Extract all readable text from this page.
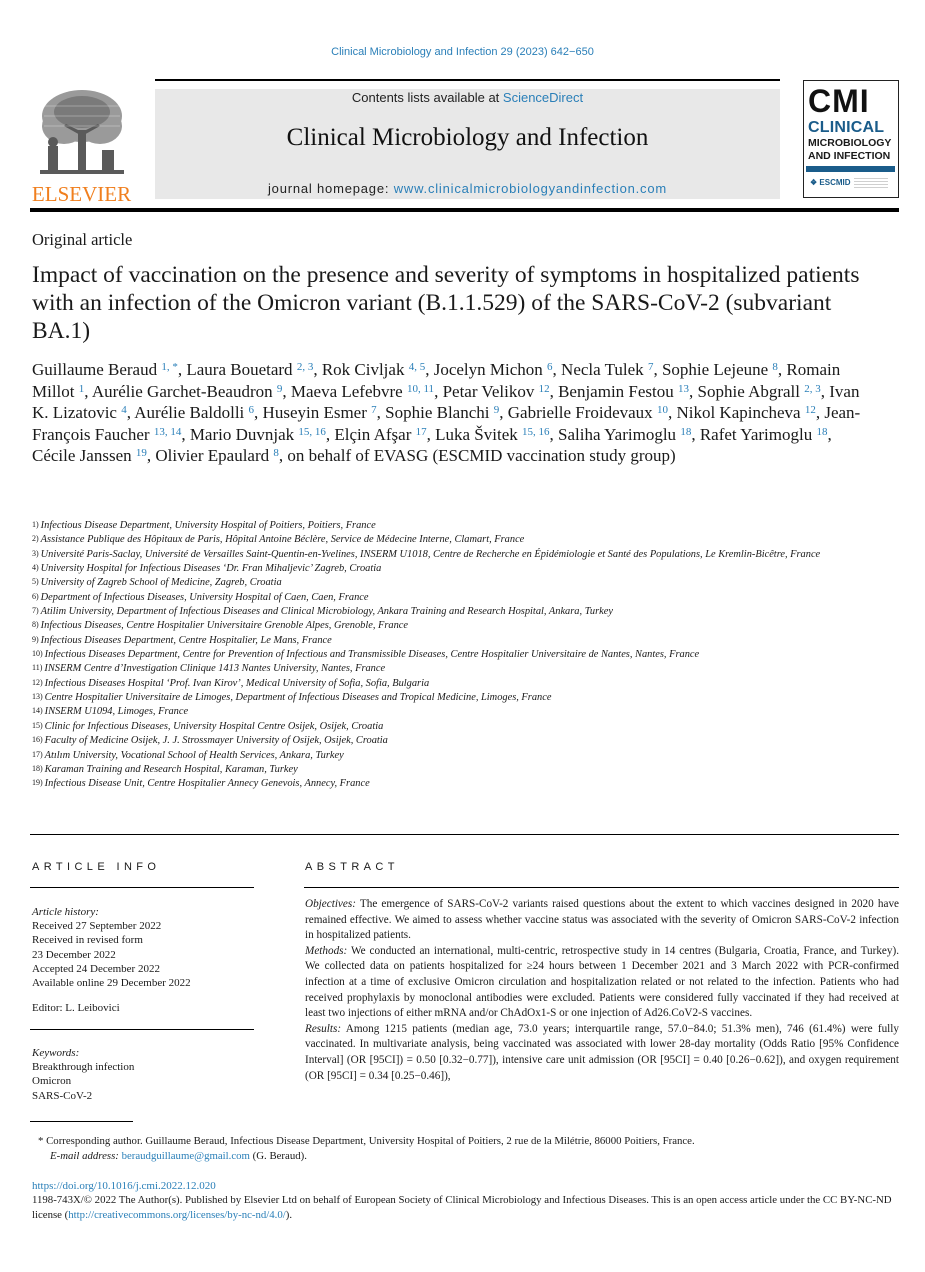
Clinical Microbiology and Infection 29 (2023) 642−650
ELSEVIER
Contents lists available at ScienceDirect
Clinical Microbiology and Infection
journal homepage: www.clinicalmicrobiologyandinfection.com
CMI
CLINICAL
MICROBIOLOGY
AND INFECTION
❖ ESCMID
Original article
Impact of vaccination on the presence and severity of symptoms in hospitalized patients with an infection of the Omicron variant (B.1.1.529) of the SARS-CoV-2 (subvariant BA.1)
Guillaume Beraud $^{1, *}$, Laura Bouetard $^{2, 3}$, Rok Civljak $^{4, 5}$, Jocelyn Michon $^6$, Necla Tulek $^7$, Sophie Lejeune $^8$, Romain Millot $^1$, Aurélie Garchet-Beaudron $^9$, Maeva Lefebvre $^{10, 11}$, Petar Velikov $^{12}$, Benjamin Festou $^{13}$, Sophie Abgrall $^{2, 3}$, Ivan K. Lizatovic $^4$, Aurélie Baldolli $^6$, Huseyin Esmer $^7$, Sophie Blanchi $^9$, Gabrielle Froidevaux $^{10}$, Nikol Kapincheva $^{12}$, Jean-François Faucher $^{13, 14}$, Mario Duvnjak $^{15, 16}$, Elçin Afşar $^{17}$, Luka Švitek $^{15, 16}$, Saliha Yarimoglu $^{18}$, Rafet Yarimoglu $^{18}$, Cécile Janssen $^{19}$, Olivier Epaulard $^8$, on behalf of EVASG (ESCMID vaccination study group)
$^{1)}$ Infectious Disease Department, University Hospital of Poitiers, Poitiers, France
$^{2)}$ Assistance Publique des Hôpitaux de Paris, Hôpital Antoine Béclère, Service de Médecine Interne, Clamart, France
$^{3)}$ Université Paris-Saclay, Université de Versailles Saint-Quentin-en-Yvelines, INSERM U1018, Centre de Recherche en Épidémiologie et Santé des Populations, Le Kremlin-Bicêtre, France
$^{4)}$ University Hospital for Infectious Diseases ‘Dr. Fran Mihaljevic’ Zagreb, Croatia
$^{5)}$ University of Zagreb School of Medicine, Zagreb, Croatia
$^{6)}$ Department of Infectious Diseases, University Hospital of Caen, Caen, France
$^{7)}$ Atilim University, Department of Infectious Diseases and Clinical Microbiology, Ankara Training and Research Hospital, Ankara, Turkey
$^{8)}$ Infectious Diseases, Centre Hospitalier Universitaire Grenoble Alpes, Grenoble, France
$^{9)}$ Infectious Diseases Department, Centre Hospitalier, Le Mans, France
$^{10)}$ Infectious Diseases Department, Centre for Prevention of Infectious and Transmissible Diseases, Centre Hospitalier Universitaire de Nantes, Nantes, France
$^{11)}$ INSERM Centre d’Investigation Clinique 1413 Nantes University, Nantes, France
$^{12)}$ Infectious Diseases Hospital ‘Prof. Ivan Kirov’, Medical University of Sofia, Sofia, Bulgaria
$^{13)}$ Centre Hospitalier Universitaire de Limoges, Department of Infectious Diseases and Tropical Medicine, Limoges, France
$^{14)}$ INSERM U1094, Limoges, France
$^{15)}$ Clinic for Infectious Diseases, University Hospital Centre Osijek, Osijek, Croatia
$^{16)}$ Faculty of Medicine Osijek, J. J. Strossmayer University of Osijek, Osijek, Croatia
$^{17)}$ Atılım University, Vocational School of Health Services, Ankara, Turkey
$^{18)}$ Karaman Training and Research Hospital, Karaman, Turkey
$^{19)}$ Infectious Disease Unit, Centre Hospitalier Annecy Genevois, Annecy, France
ARTICLE INFO	ABSTRACT
Article history:
Received 27 September 2022
Received in revised form
23 December 2022
Accepted 24 December 2022
Available online 29 December 2022
Editor: L. Leibovici
Keywords:
Breakthrough infection
Omicron
SARS-CoV-2
Objectives: The emergence of SARS-CoV-2 variants raised questions about the extent to which vaccines designed in 2020 have remained effective. We aimed to assess whether vaccine status was associated with the severity of Omicron SARS-CoV-2 infection in hospitalized patients.
Methods: We conducted an international, multi-centric, retrospective study in 14 centres (Bulgaria, Croatia, France, and Turkey). We collected data on patients hospitalized for ≥24 hours between 1 December 2021 and 3 March 2022 with PCR-confirmed infection at a time of exclusive Omicron circulation and hospitalization related or not related to the infection. Patients who had received prophylaxis by monoclonal antibodies were excluded. Patients were considered fully vaccinated if they had received at least two injections of either mRNA and/or ChAdOx1-S or one injection of Ad26.CoV2-S vaccines.
Results: Among 1215 patients (median age, 73.0 years; interquartile range, 57.0−84.0; 51.3% men), 746 (61.4%) were fully vaccinated. In multivariate analysis, being vaccinated was associated with lower 28-day mortality (Odds Ratio [95% Confidence Interval] (OR [95CI]) = 0.50 [0.32−0.77]), intensive care unit admission (OR [95CI] = 0.40 [0.26−0.62]), and oxygen requirement (OR [95CI] = 0.34 [0.25−0.46]),
* Corresponding author. Guillaume Beraud, Infectious Disease Department, University Hospital of Poitiers, 2 rue de la Milétrie, 86000 Poitiers, France.
E-mail address: beraudguillaume@gmail.com (G. Beraud).
https://doi.org/10.1016/j.cmi.2022.12.020
1198-743X/© 2022 The Author(s). Published by Elsevier Ltd on behalf of European Society of Clinical Microbiology and Infectious Diseases. This is an open access article under the CC BY-NC-ND license (http://creativecommons.org/licenses/by-nc-nd/4.0/).
